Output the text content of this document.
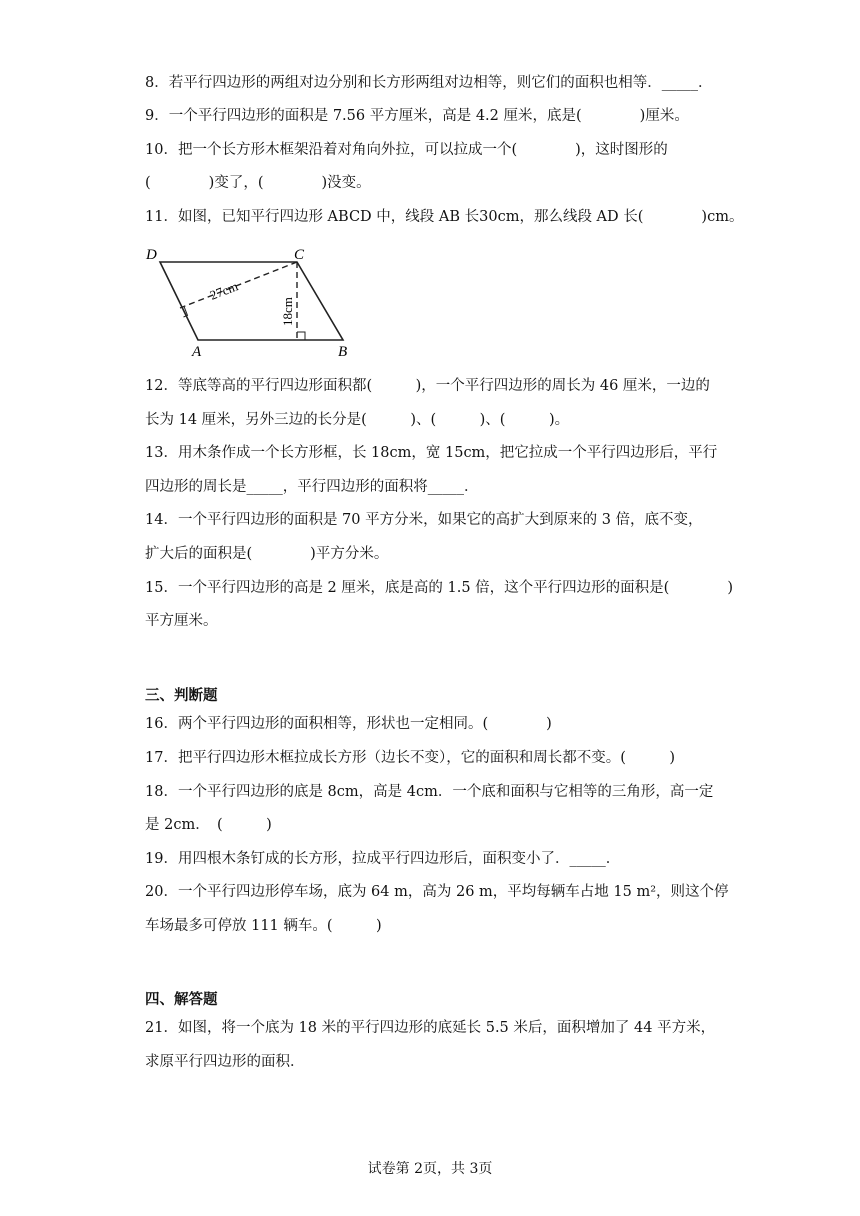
8．若平行四边形的两组对边分别和长方形两组对边相等，则它们的面积也相等．_____．
9．一个平行四边形的面积是 7.56 平方厘米，高是 4.2 厘米，底是(　　　　)厘米。
10．把一个长方形木框架沿着对角向外拉，可以拉成一个(　　　　)，这时图形的
(　　　　)变了，(　　　　)没变。
11．如图，已知平行四边形 ABCD 中，线段 AB 长30cm，那么线段 AD 长(　　　　)cm。
D	C
A	B
27cm
18cm
12．等底等高的平行四边形面积都(　　　)，一个平行四边形的周长为 46 厘米，一边的
长为 14 厘米，另外三边的长分是(　　　)、(　　　)、(　　　)。
13．用木条作成一个长方形框，长 18cm，宽 15cm，把它拉成一个平行四边形后，平行
四边形的周长是_____，平行四边形的面积将_____．
14．一个平行四边形的面积是 70 平方分米，如果它的高扩大到原来的 3 倍，底不变，
扩大后的面积是(　　　　)平方分米。
15．一个平行四边形的高是 2 厘米，底是高的 1.5 倍，这个平行四边形的面积是(　　　　)
平方厘米。
三、判断题
16．两个平行四边形的面积相等，形状也一定相同。(　　　　)
17．把平行四边形木框拉成长方形（边长不变），它的面积和周长都不变。(　　　)
18．一个平行四边形的底是 8cm，高是 4cm．一个底和面积与它相等的三角形，高一定
是 2cm．　(　　　)
19．用四根木条钉成的长方形，拉成平行四边形后，面积变小了．_____．
20．一个平行四边形停车场，底为 64 m，高为 26 m，平均每辆车占地 15 m²，则这个停
车场最多可停放 111 辆车。(　　　)
四、解答题
21．如图，将一个底为 18 米的平行四边形的底延长 5.5 米后，面积增加了 44 平方米，
求原平行四边形的面积．
试卷第 2页，共 3页
